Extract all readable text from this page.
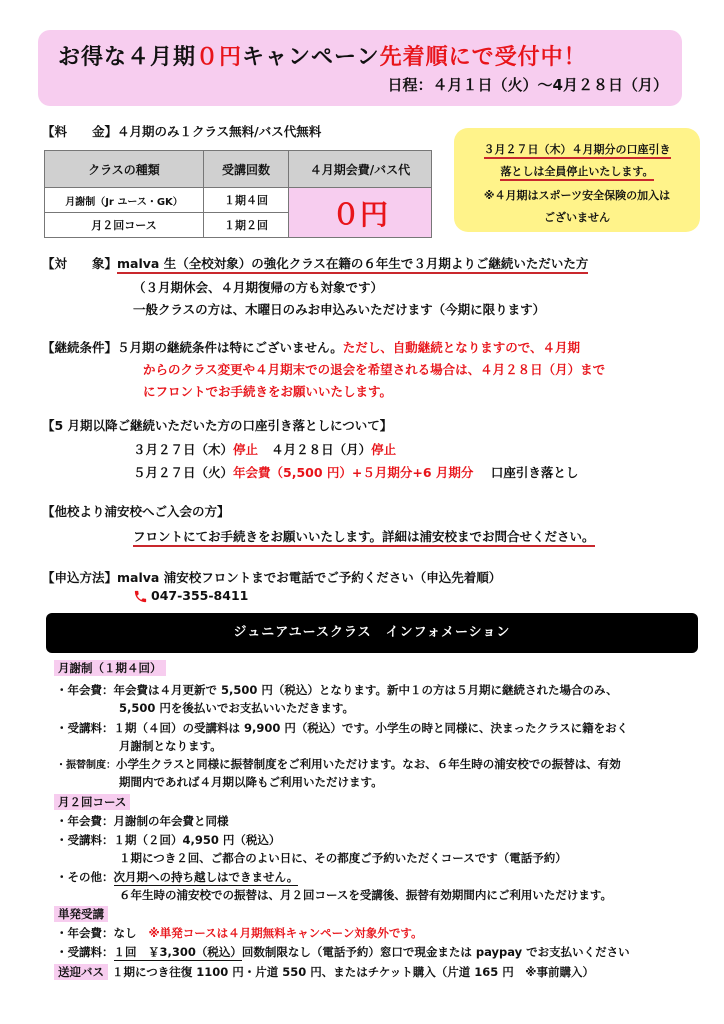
お得な４月期０円キャンペーン先着順にで受付中！
日程：４月１日（火）〜4月２８日（月）
【料　　金】４月期のみ１クラス無料/バス代無料
クラスの種類	受講回数	４月期会費/バス代
月謝制（Jr ユース・GK）	１期４回	０円
月２回コース	１期２回	
３月２７日（木）４月期分の口座引き
落としは全員停止いたします。
※４月期はスポーツ安全保険の加入は
ございません
【対　　象】malva 生（全校対象）の強化クラス在籍の６年生で３月期よりご継続いただいた方
（３月期休会、４月期復帰の方も対象です）
一般クラスの方は、木曜日のみお申込みいただけます（今期に限ります）
【継続条件】５月期の継続条件は特にございません。ただし、自動継続となりますので、４月期
からのクラス変更や４月期末での退会を希望される場合は、４月２８日（月）まで
にフロントでお手続きをお願いいたします。
【5 月期以降ご継続いただいた方の口座引き落としについて】
３月２７日（木）停止 ４月２８日（月）停止
５月２７日（火）年会費（5,500 円）+５月期分+6 月期分 口座引き落とし
【他校より浦安校へご入会の方】
フロントにてお手続きをお願いいたします。詳細は浦安校までお問合せください。
【申込方法】malva 浦安校フロントまでお電話でご予約ください（申込先着順）
047-355-8411
ジュニアユースクラス　インフォメーション
月謝制（１期４回）
・年会費：年会費は４月更新で 5,500 円（税込）となります。新中１の方は５月期に継続された場合のみ、
5,500 円を後払いでお支払いいただきます。
・受講料：１期（４回）の受講料は 9,900 円（税込）です。小学生の時と同様に、決まったクラスに籍をおく
月謝制となります。
・振替制度：小学生クラスと同様に振替制度をご利用いただけます。なお、６年生時の浦安校での振替は、有効
期間内であれば４月期以降もご利用いただけます。
月２回コース
・年会費：月謝制の年会費と同様
・受講料：１期（２回）4,950 円（税込）
１期につき２回、ご都合のよい日に、その都度ご予約いただくコースです（電話予約）
・その他：次月期への持ち越しはできません。
６年生時の浦安校での振替は、月２回コースを受講後、振替有効期間内にご利用いただけます。
単発受講
・年会費：なし ※単発コースは４月期無料キャンペーン対象外です。
・受講料：１回　￥3,300（税込）回数制限なし（電話予約）窓口で現金または paypay でお支払いください
送迎バス １期につき往復 1100 円・片道 550 円、またはチケット購入（片道 165 円　※事前購入）
